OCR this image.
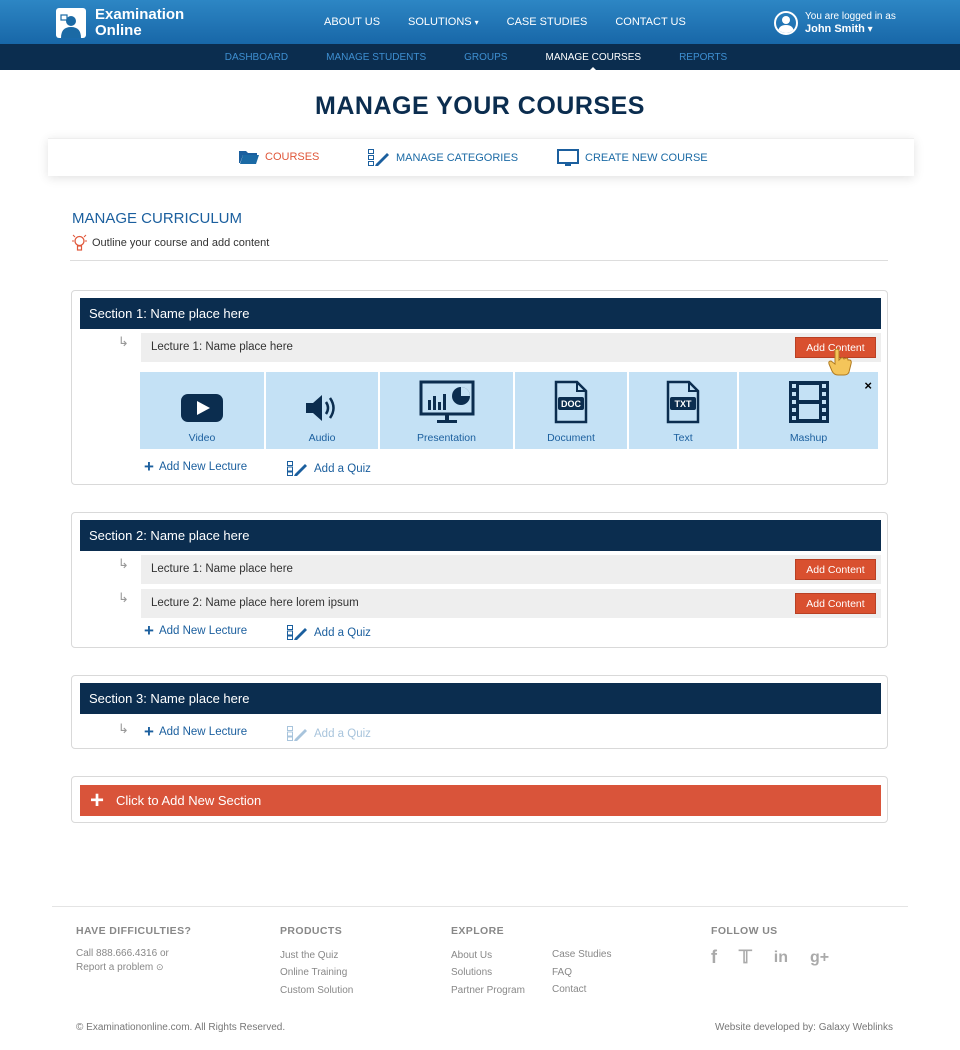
Examination
Online	ABOUT US	SOLUTIONS ▾	CASE STUDIES	CONTACT US	You are logged in as
John Smith ▾
DASHBOARD	MANAGE STUDENTS	GROUPS	MANAGE COURSES	REPORTS
MANAGE YOUR COURSES
COURSES	MANAGE CATEGORIES	CREATE NEW COURSE
MANAGE CURRICULUM
Outline your course and add content
Section 1: Name place here
↳	Lecture 1: Name place here	Add Content
Video	Audio	Presentation
DOC
Document
TXT
Text	Mashup
×
+ Add New Lecture	Add a Quiz
Section 2: Name place here
↳	Lecture 1: Name place here	Add Content
↳	Lecture 2: Name place here lorem ipsum	Add Content
+ Add New Lecture	Add a Quiz
Section 3: Name place here
↳ + Add New Lecture	Add a Quiz
+ Click to Add New Section
HAVE DIFFICULTIES?
Call 888.666.4316 or
Report a problem ⊙
PRODUCTS
Just the Quiz
Online Training
Custom Solution
EXPLORE
About Us
Solutions
Partner Program
Case Studies
FAQ
Contact
FOLLOW US
f 𝕋 in g+
© Examinationonline.com. All Rights Reserved.	Website developed by: Galaxy Weblinks
